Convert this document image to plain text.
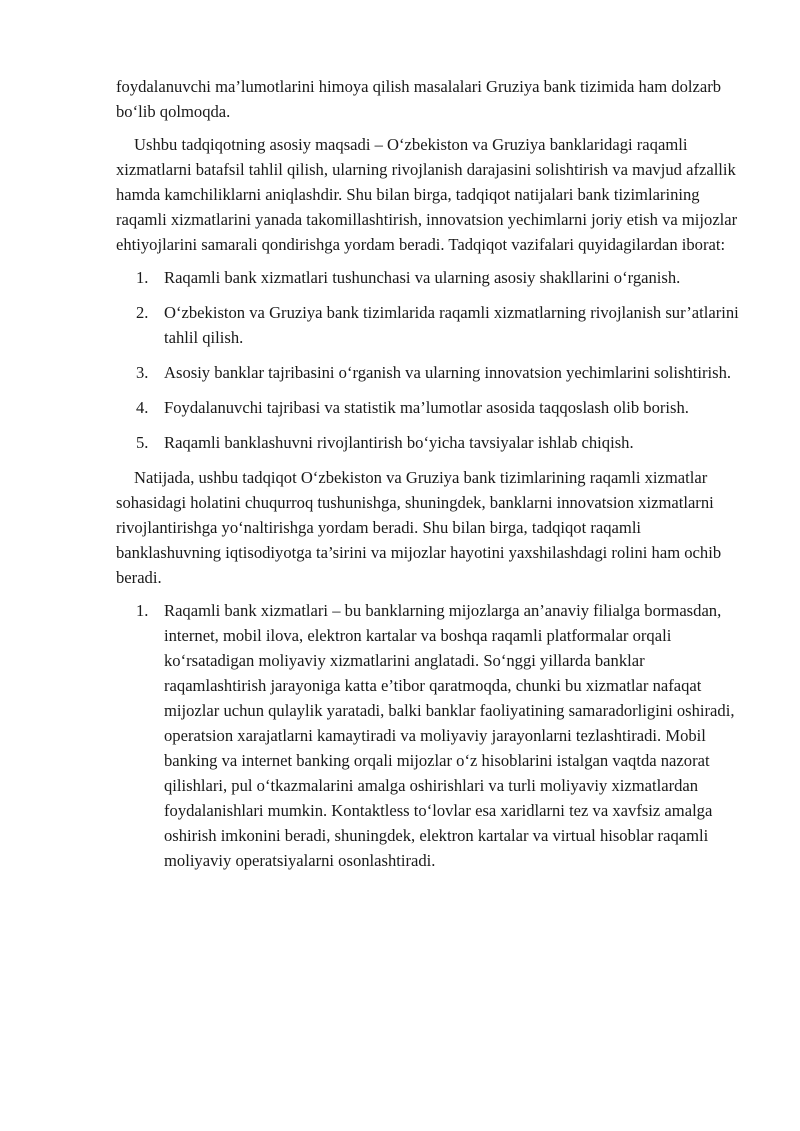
foydalanuvchi ma’lumotlarini himoya qilish masalalari Gruziya bank tizimida ham dolzarb bo‘lib qolmoqda.

Ushbu tadqiqotning asosiy maqsadi – O‘zbekiston va Gruziya banklaridagi raqamli xizmatlarni batafsil tahlil qilish, ularning rivojlanish darajasini solishtirish va mavjud afzallik hamda kamchiliklarni aniqlashdir. Shu bilan birga, tadqiqot natijalari bank tizimlarining raqamli xizmatlarini yanada takomillashtirish, innovatsion yechimlarni joriy etish va mijozlar ehtiyojlarini samarali qondirishga yordam beradi. Tadqiqot vazifalari quyidagilardan iborat:

1. Raqamli bank xizmatlari tushunchasi va ularning asosiy shakllarini o‘rganish.
2. O‘zbekiston va Gruziya bank tizimlarida raqamli xizmatlarning rivojlanish sur’atlarini tahlil qilish.
3. Asosiy banklar tajribasini o‘rganish va ularning innovatsion yechimlarini solishtirish.
4. Foydalanuvchi tajribasi va statistik ma’lumotlar asosida taqqoslash olib borish.
5. Raqamli banklashuvni rivojlantirish bo‘yicha tavsiyalar ishlab chiqish.

Natijada, ushbu tadqiqot O‘zbekiston va Gruziya bank tizimlarining raqamli xizmatlar sohasidagi holatini chuqurroq tushunishga, shuningdek, banklarni innovatsion xizmatlarni rivojlantirishga yo‘naltirishga yordam beradi. Shu bilan birga, tadqiqot raqamli banklashuvning iqtisodiyotga ta’sirini va mijozlar hayotini yaxshilashdagi rolini ham ochib beradi.

1. Raqamli bank xizmatlari – bu banklarning mijozlarga an’anaviy filialga bormasdan, internet, mobil ilova, elektron kartalar va boshqa raqamli platformalar orqali ko‘rsatadigan moliyaviy xizmatlarini anglatadi. So‘nggi yillarda banklar raqamlashtirish jarayoniga katta e’tibor qaratmoqda, chunki bu xizmatlar nafaqat mijozlar uchun qulaylik yaratadi, balki banklar faoliyatining samaradorligini oshiradi, operatsion xarajatlarni kamaytiradi va moliyaviy jarayonlarni tezlashtiradi. Mobil banking va internet banking orqali mijozlar o‘z hisoblarini istalgan vaqtda nazorat qilishlari, pul o‘tkazmalarini amalga oshirishlari va turli moliyaviy xizmatlardan foydalanishlari mumkin. Kontaktless to‘lovlar esa xaridlarni tez va xavfsiz amalga oshirish imkonini beradi, shuningdek, elektron kartalar va virtual hisoblar raqamli moliyaviy operatsiyalarni osonlashtiradi.
